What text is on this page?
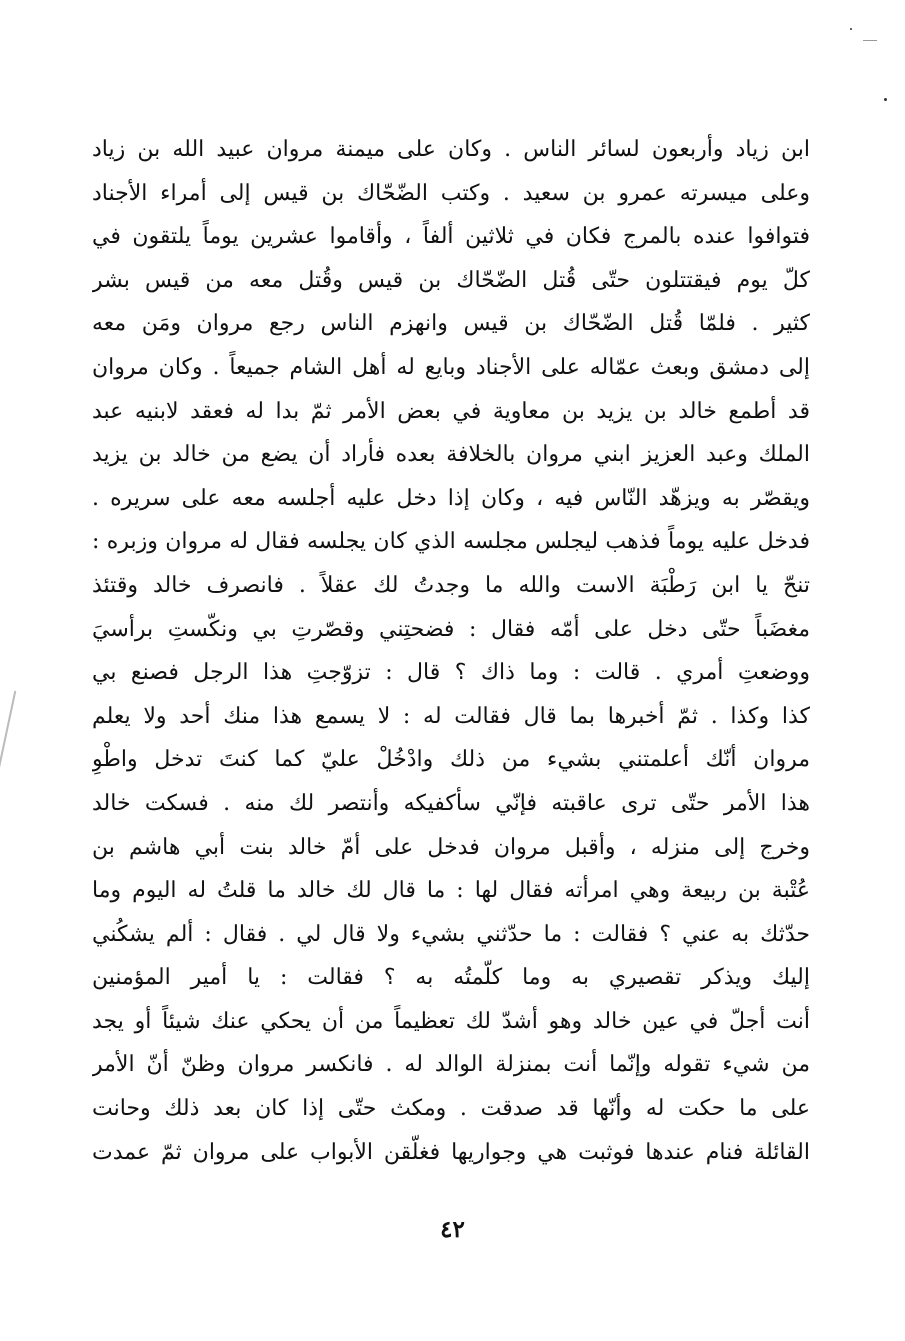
ابن زياد وأربعون لسائر الناس . وكان على ميمنة مروان عبيد الله بن زياد
وعلى ميسرته عمرو بن سعيد . وكتب الضّحّاك بن قيس إلى أمراء الأجناد
فتوافوا عنده بالمرج فكان في ثلاثين ألفاً ، وأقاموا عشرين يوماً يلتقون في
كلّ يوم فيقتتلون حتّى قُتل الضّحّاك بن قيس وقُتل معه من قيس بشر
كثير . فلمّا قُتل الضّحّاك بن قيس وانهزم الناس رجع مروان ومَن معه
إلى دمشق وبعث عمّاله على الأجناد وبايع له أهل الشام جميعاً . وكان مروان
قد أطمع خالد بن يزيد بن معاوية في بعض الأمر ثمّ بدا له فعقد لابنيه عبد
الملك وعبد العزيز ابني مروان بالخلافة بعده فأراد أن يضع من خالد بن يزيد
ويقصّر به ويزهّد النّاس فيه ، وكان إذا دخل عليه أجلسه معه على سريره .
فدخل عليه يوماً فذهب ليجلس مجلسه الذي كان يجلسه فقال له مروان وزبره :
تنحّ يا ابن رَطْبَة الاست والله ما وجدتُ لك عقلاً . فانصرف خالد وقتئذ
مغضَباً حتّى دخل على أمّه فقال : فضحتِني وقصّرتِ بي ونكّستِ برأسيَ
ووضعتِ أمري . قالت : وما ذاك ؟ قال : تزوّجتِ هذا الرجل فصنع بي
كذا وكذا . ثمّ أخبرها بما قال فقالت له : لا يسمع هذا منك أحد ولا يعلم
مروان أنّك أعلمتني بشيء من ذلك وادْخُلْ عليّ كما كنتَ تدخل واطْوِ
هذا الأمر حتّى ترى عاقبته فإنّي سأكفيكه وأنتصر لك منه . فسكت خالد
وخرج إلى منزله ، وأقبل مروان فدخل على أمّ خالد بنت أبي هاشم بن
عُتْبة بن ربيعة وهي امرأته فقال لها : ما قال لك خالد ما قلتُ له اليوم وما
حدّثك به عني ؟ فقالت : ما حدّثني بشيء ولا قال لي . فقال : ألم يشكُني
إليك ويذكر تقصيري به وما كلّمتُه به ؟ فقالت : يا أمير المؤمنين
أنت أجلّ في عين خالد وهو أشدّ لك تعظيماً من أن يحكي عنك شيئاً أو يجد
من شيء تقوله وإنّما أنت بمنزلة الوالد له . فانكسر مروان وظنّ أنّ الأمر
على ما حكت له وأنّها قد صدقت . ومكث حتّى إذا كان بعد ذلك وحانت
القائلة فنام عندها فوثبت هي وجواريها فغلّقن الأبواب على مروان ثمّ عمدت
٤٢
